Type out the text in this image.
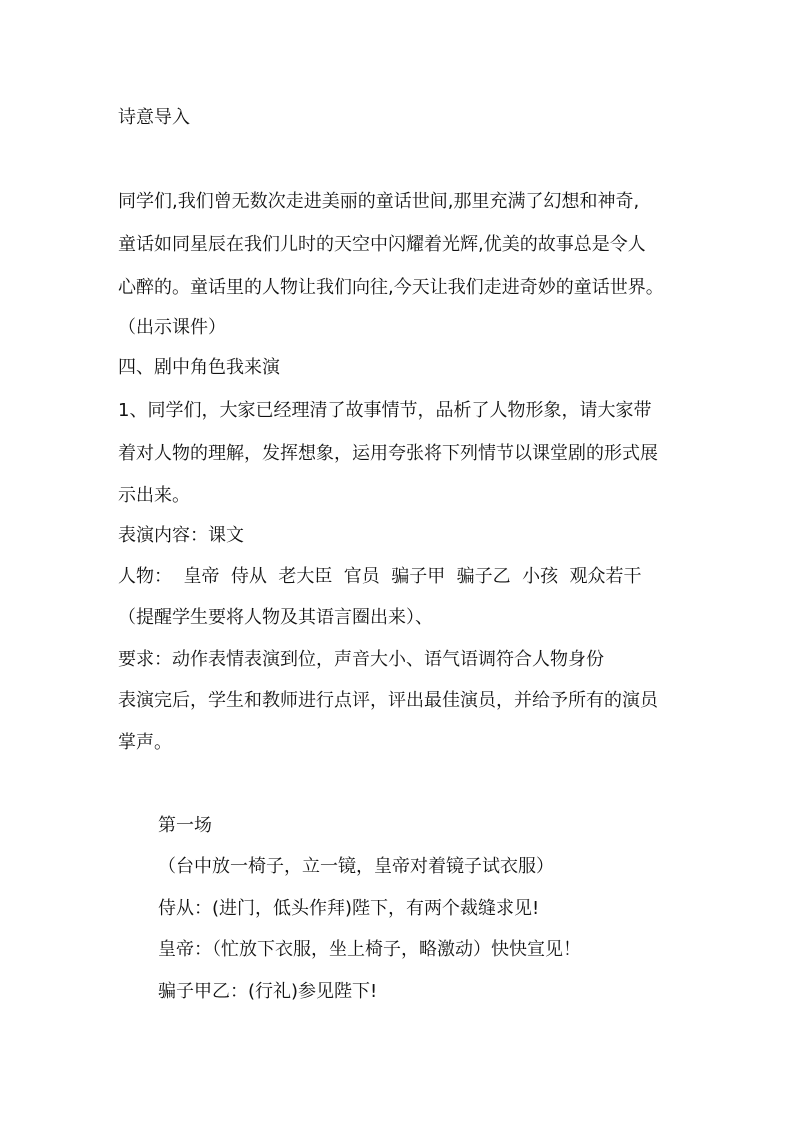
诗意导入
同学们,我们曾无数次走进美丽的童话世间,那里充满了幻想和神奇,
童话如同星辰在我们儿时的天空中闪耀着光辉,优美的故事总是令人
心醉的。童话里的人物让我们向往,今天让我们走进奇妙的童话世界。
（出示课件）
四、剧中角色我来演
1、同学们，大家已经理清了故事情节，品析了人物形象，请大家带
着对人物的理解，发挥想象，运用夸张将下列情节以课堂剧的形式展
示出来。
表演内容：课文
人物：  皇帝  侍从  老大臣  官员  骗子甲  骗子乙  小孩  观众若干
（提醒学生要将人物及其语言圈出来）、
要求：动作表情表演到位，声音大小、语气语调符合人物身份
表演完后，学生和教师进行点评，评出最佳演员，并给予所有的演员
掌声。
第一场
（台中放一椅子，立一镜，皇帝对着镜子试衣服）
侍从：(进门，低头作拜)陛下，有两个裁缝求见!
皇帝：（忙放下衣服，坐上椅子，略激动）快快宣见！
骗子甲乙：(行礼)参见陛下!
